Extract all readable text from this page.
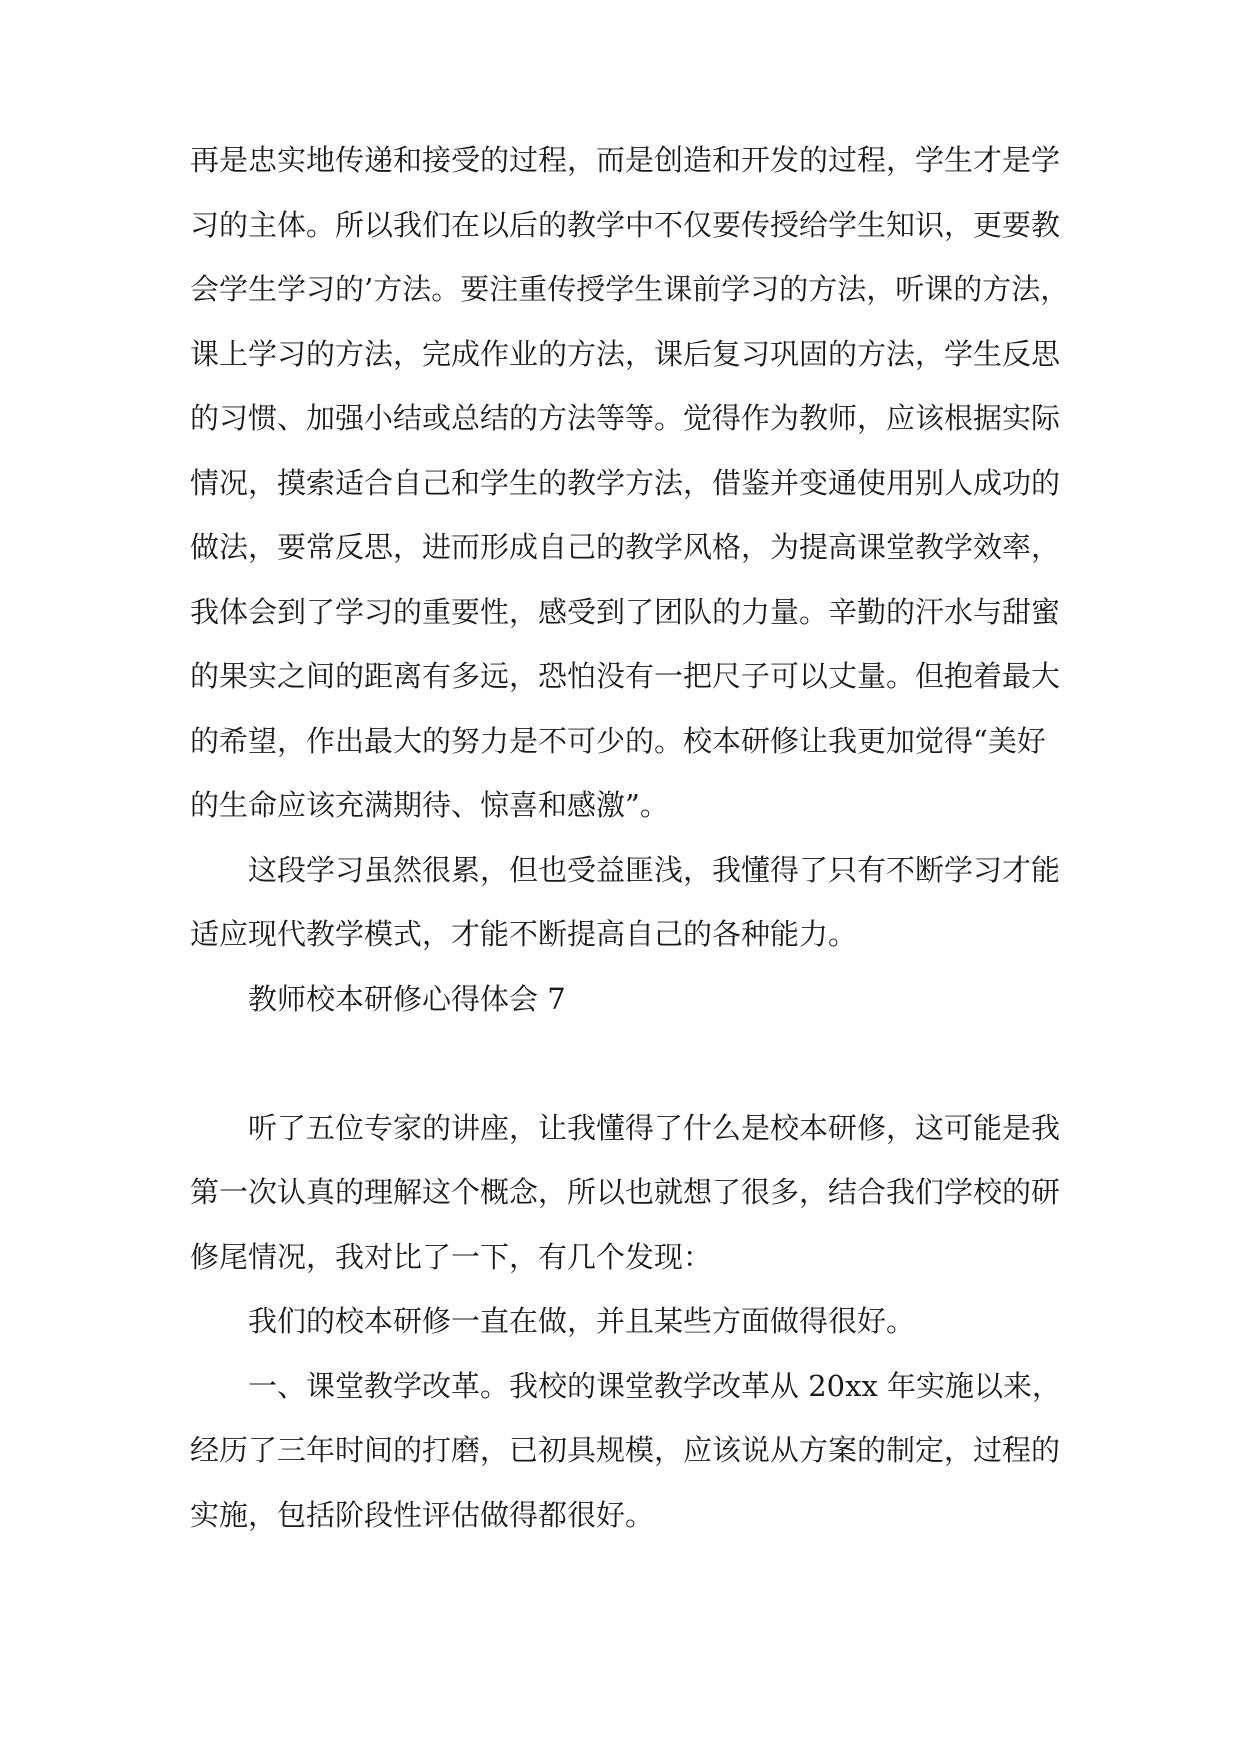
再是忠实地传递和接受的过程，而是创造和开发的过程，学生才是学
习的主体。所以我们在以后的教学中不仅要传授给学生知识，更要教
会学生学习的’方法。要注重传授学生课前学习的方法，听课的方法，
课上学习的方法，完成作业的方法，课后复习巩固的方法，学生反思
的习惯、加强小结或总结的方法等等。觉得作为教师，应该根据实际
情况，摸索适合自己和学生的教学方法，借鉴并变通使用别人成功的
做法，要常反思，进而形成自己的教学风格，为提高课堂教学效率，
我体会到了学习的重要性，感受到了团队的力量。辛勤的汗水与甜蜜
的果实之间的距离有多远，恐怕没有一把尺子可以丈量。但抱着最大
的希望，作出最大的努力是不可少的。校本研修让我更加觉得“美好
的生命应该充满期待、惊喜和感激”。
这段学习虽然很累，但也受益匪浅，我懂得了只有不断学习才能
适应现代教学模式，才能不断提高自己的各种能力。
教师校本研修心得体会 7
听了五位专家的讲座，让我懂得了什么是校本研修，这可能是我
第一次认真的理解这个概念，所以也就想了很多，结合我们学校的研
修尾情况，我对比了一下，有几个发现：
我们的校本研修一直在做，并且某些方面做得很好。
一、课堂教学改革。我校的课堂教学改革从 20xx 年实施以来，
经历了三年时间的打磨，已初具规模，应该说从方案的制定，过程的
实施，包括阶段性评估做得都很好。
